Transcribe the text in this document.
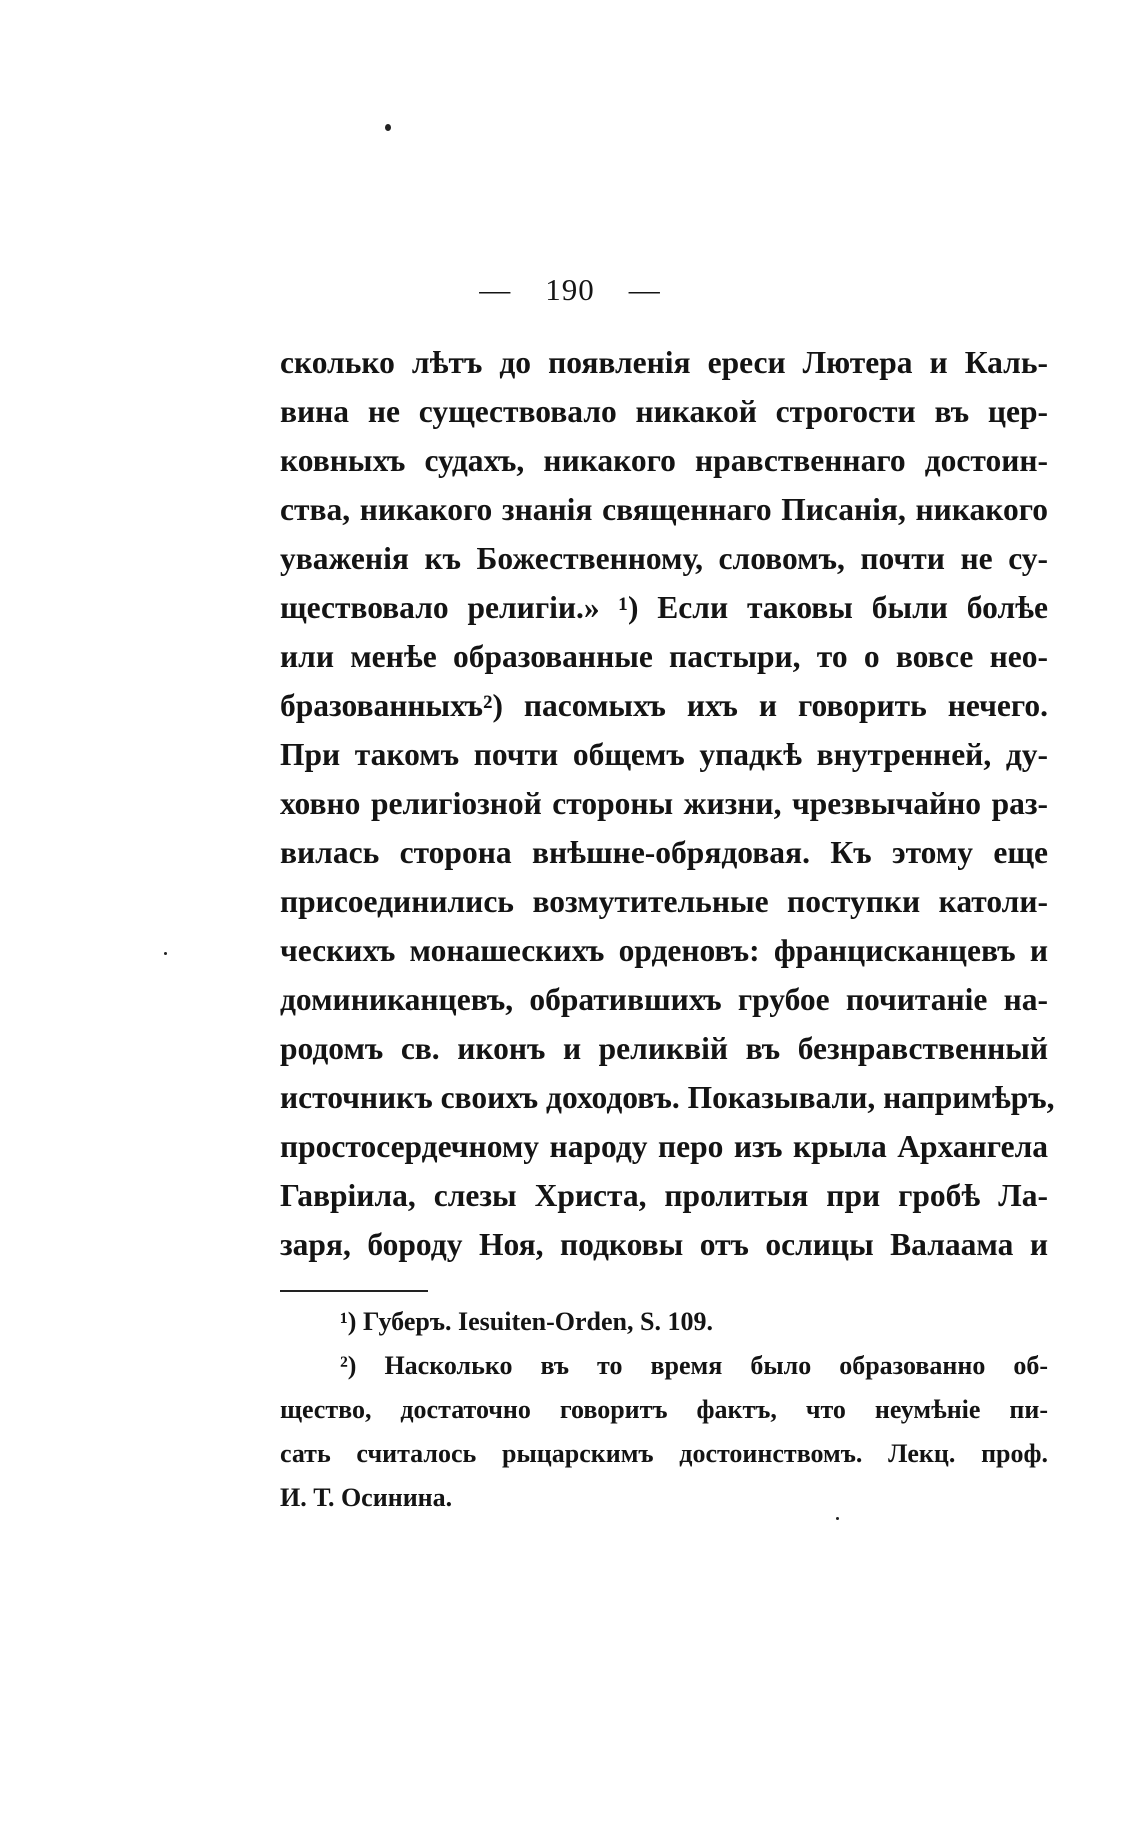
— 190 —
сколько лѣтъ до появленія ереси Лютера и Каль-
вина не существовало никакой строгости въ цер-
ковныхъ судахъ, никакого нравственнаго достоин-
ства, никакого знанія священнаго Писанія, никакого
уваженія къ Божественному, словомъ, почти не су-
ществовало религіи.» ¹) Если таковы были болѣе
или менѣе образованные пастыри, то о вовсе нео-
бразованныхъ²) пасомыхъ ихъ и говорить нечего.
При такомъ почти общемъ упадкѣ внутренней, ду-
ховно религіозной стороны жизни, чрезвычайно раз-
вилась сторона внѣшне-обрядовая. Къ этому еще
присоединились возмутительные поступки католи-
ческихъ монашескихъ орденовъ: францисканцевъ и
доминиканцевъ, обратившихъ грубое почитаніе на-
родомъ св. иконъ и реликвій въ безнравственный
источникъ своихъ доходовъ. Показывали, напримѣръ,
простосердечному народу перо изъ крыла Архангела
Гавріила, слезы Христа, пролитыя при гробѣ Ла-
заря, бороду Ноя, подковы отъ ослицы Валаама и
¹) Губеръ. Iesuiten-Orden, S. 109.
²) Насколько въ то время было образованно об-
щество, достаточно говоритъ фактъ, что неумѣніе пи-
сать считалось рыцарскимъ достоинствомъ. Лекц. проф.
И. Т. Осинина.
